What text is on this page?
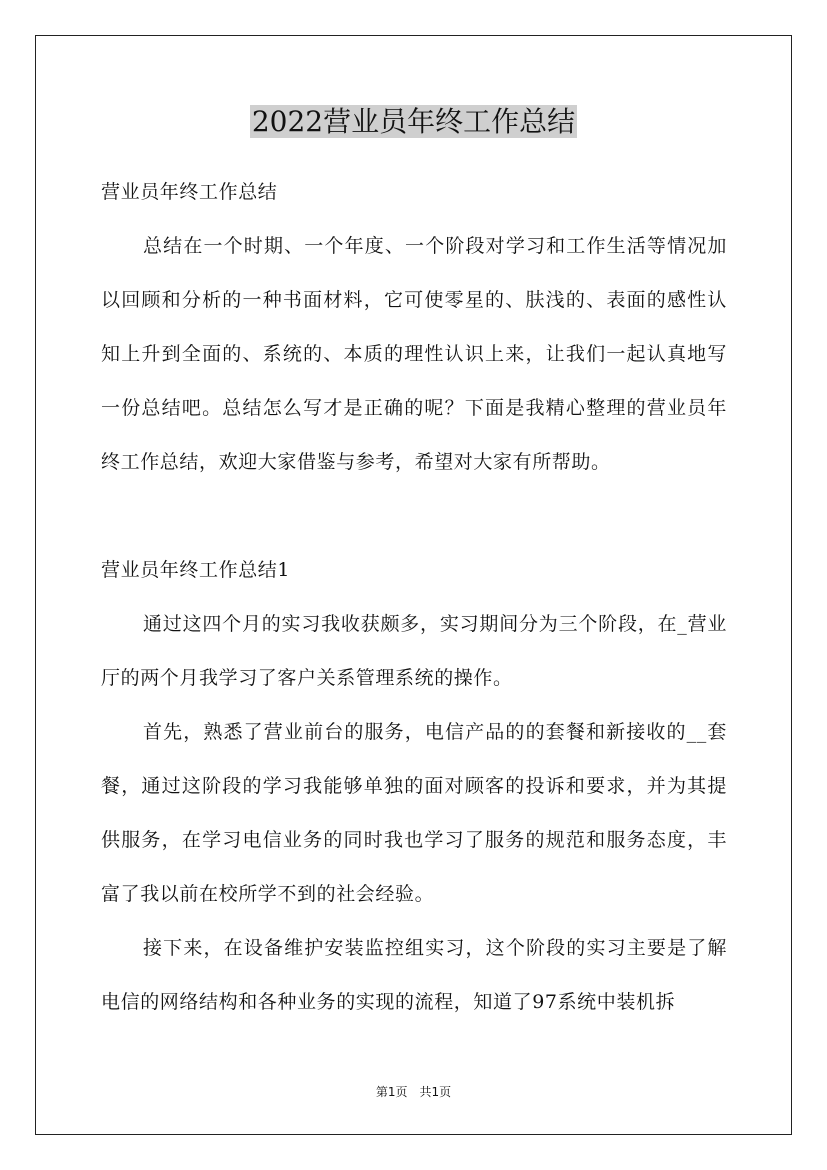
2022营业员年终工作总结
营业员年终工作总结
总结在一个时期、一个年度、一个阶段对学习和工作生活等情况加以回顾和分析的一种书面材料，它可使零星的、肤浅的、表面的感性认知上升到全面的、系统的、本质的理性认识上来，让我们一起认真地写一份总结吧。总结怎么写才是正确的呢？下面是我精心整理的营业员年终工作总结，欢迎大家借鉴与参考，希望对大家有所帮助。
营业员年终工作总结1
通过这四个月的实习我收获颇多，实习期间分为三个阶段，在_营业厅的两个月我学习了客户关系管理系统的操作。
首先，熟悉了营业前台的服务，电信产品的的套餐和新接收的__套餐，通过这阶段的学习我能够单独的面对顾客的投诉和要求，并为其提供服务，在学习电信业务的同时我也学习了服务的规范和服务态度，丰富了我以前在校所学不到的社会经验。
接下来，在设备维护安装监控组实习，这个阶段的实习主要是了解电信的网络结构和各种业务的实现的流程，知道了97系统中装机拆
第1页 共1页
